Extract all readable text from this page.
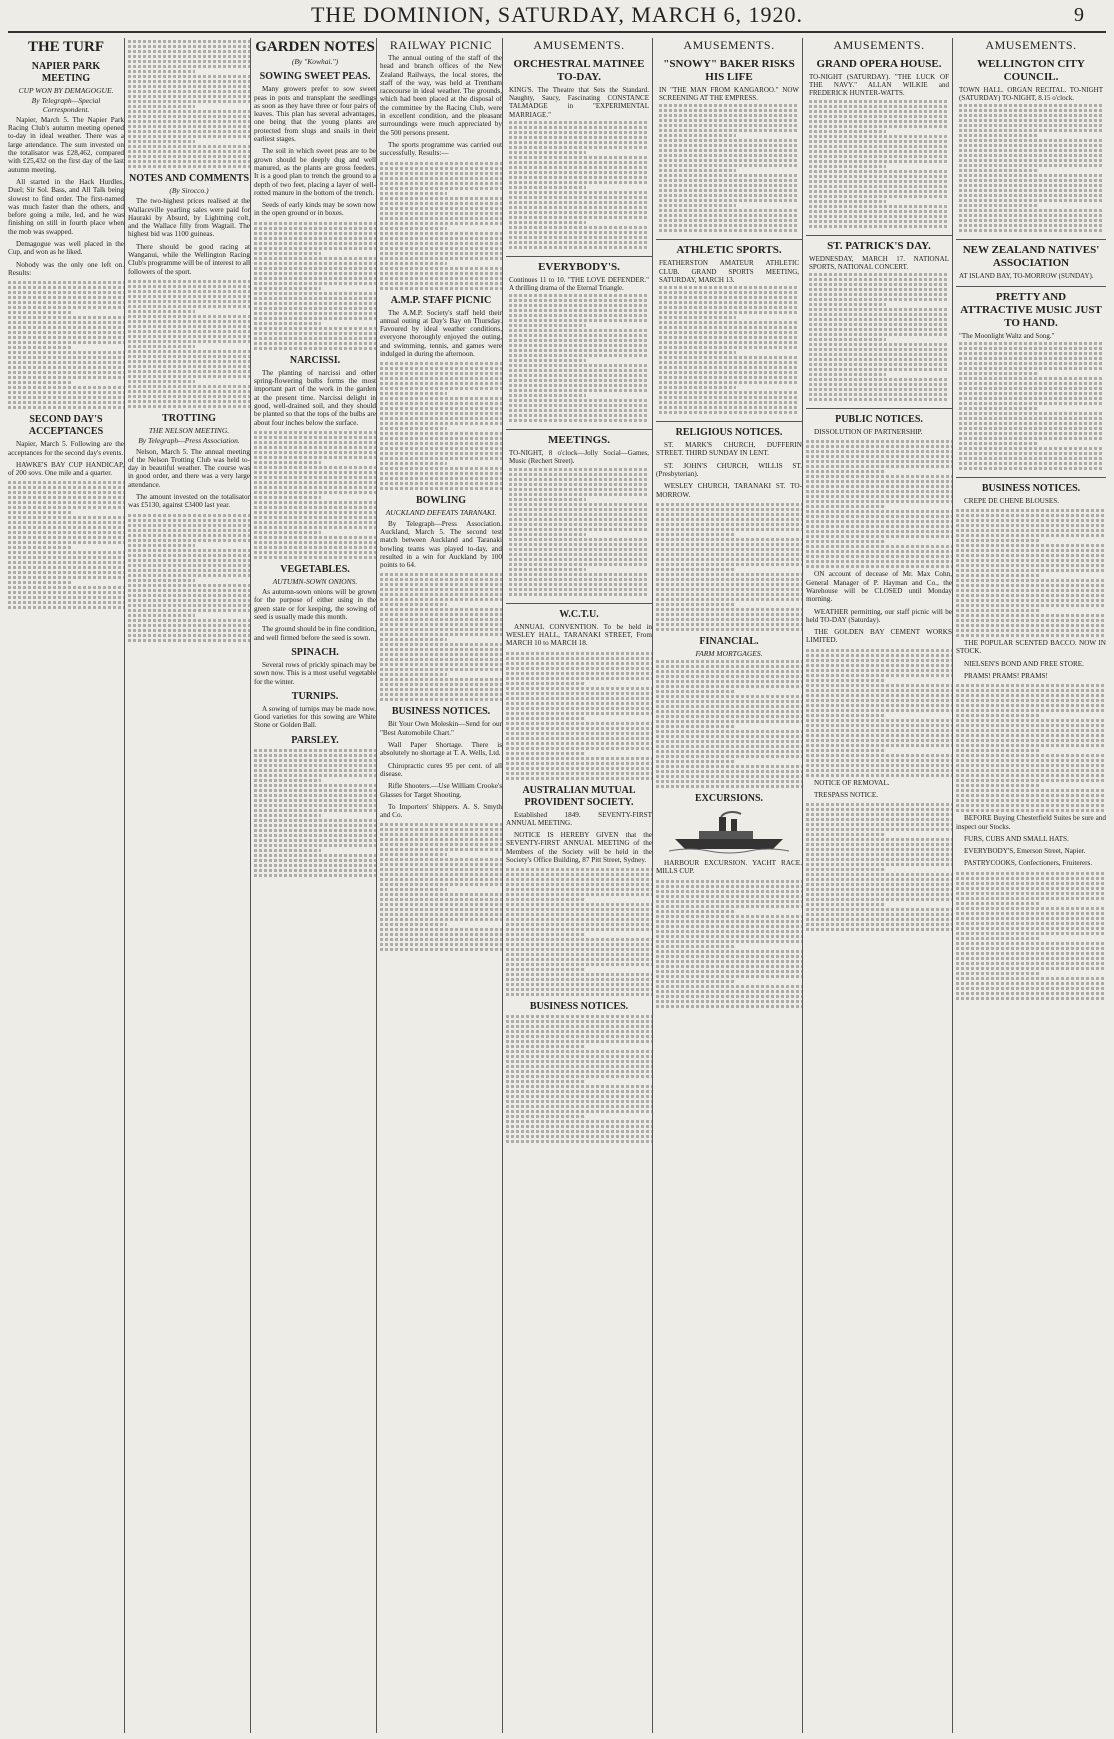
THE DOMINION, SATURDAY, MARCH 6, 1920.	9
THE TURF
NAPIER PARK MEETING
CUP WON BY DEMAGOGUE.
By Telegraph—Special Correspondent.

Napier, March 5. The Napier Park Racing Club's autumn meeting opened to-day in ideal weather. There was a large attendance. The sum invested on the totalisator was £28,462, compared with £25,432 on the first day of the last autumn meeting.

All started in the Hack Hurdles, Duel; Sir Sol. Bass, and All Talk being slowest to find order. The first-named was much faster than the others, and before going a mile, led, and he was finishing on still in fourth place when the mob was swapped.

Demagogue was well placed in the Cup, and won as he liked.

Nobody was the only one left on. Results:

SECOND DAY'S ACCEPTANCES

Napier, March 5. Following are the acceptances for the second day's events.

HAWKE'S BAY CUP HANDICAP, of 200 sovs. One mile and a quarter.

NOTES AND COMMENTS
(By Sirocco.)

The two-highest prices realised at the Wallaceville yearling sales were paid for Hauraki by Absurd, by Lightning colt, and the Wallace filly from Wagtail. The highest bid was 1100 guineas.

There should be good racing at Wanganui, while the Wellington Racing Club's programme will be of interest to all followers of the sport.

TROTTING
THE NELSON MEETING.
By Telegraph—Press Association.

Nelson, March 5. The annual meeting of the Nelson Trotting Club was held to-day in beautiful weather. The course was in good order, and there was a very large attendance.

The amount invested on the totalisator was £5130, against £3400 last year.

GARDEN NOTES
(By "Kowhai.")
SOWING SWEET PEAS.

Many growers prefer to sow sweet peas in pots and transplant the seedlings as soon as they have three or four pairs of leaves. This plan has several advantages, one being that the young plants are protected from slugs and snails in their earliest stages.

The soil in which sweet peas are to be grown should be deeply dug and well manured, as the plants are gross feeders. It is a good plan to trench the ground to a depth of two feet, placing a layer of well-rotted manure in the bottom of the trench.

Seeds of early kinds may be sown now in the open ground or in boxes.

NARCISSI.

The planting of narcissi and other spring-flowering bulbs forms the most important part of the work in the garden at the present time. Narcissi delight in good, well-drained soil, and they should be planted so that the tops of the bulbs are about four inches below the surface.

VEGETABLES.
AUTUMN-SOWN ONIONS.

As autumn-sown onions will be grown for the purpose of either using in the green state or for keeping, the sowing of seed is usually made this month.

The ground should be in fine condition, and well firmed before the seed is sown.

SPINACH.

Several rows of prickly spinach may be sown now. This is a most useful vegetable for the winter.

TURNIPS.

A sowing of turnips may be made now. Good varieties for this sowing are White Stone or Golden Ball.

PARSLEY.
RAILWAY PICNIC

The annual outing of the staff of the head and branch offices of the New Zealand Railways, the local stores, the staff of the way, was held at Trentham racecourse in ideal weather. The grounds, which had been placed at the disposal of the committee by the Racing Club, were in excellent condition, and the pleasant surroundings were much appreciated by the 500 persons present.

The sports programme was carried out successfully. Results:—

A.M.P. STAFF PICNIC

The A.M.P. Society's staff held their annual outing at Day's Bay on Thursday. Favoured by ideal weather conditions, everyone thoroughly enjoyed the outing, and swimming, tennis, and games were indulged in during the afternoon.

BOWLING
AUCKLAND DEFEATS TARANAKI.

By Telegraph—Press Association. Auckland, March 5. The second test match between Auckland and Taranaki bowling teams was played to-day, and resulted in a win for Auckland by 100 points to 64.

BUSINESS NOTICES.

Bit Your Own Moleskin—Send for our "Best Automobile Chart."

Wall Paper Shortage. There is absolutely no shortage at T. A. Wells, Ltd.

Chiropractic cures 95 per cent. of all disease.

Rifle Shooters.—Use William Crooke's Glasses for Target Shooting.

To Importers' Shippers. A. S. Smyth and Co.

AMUSEMENTS.
ORCHESTRAL MATINEE TO-DAY.
KING'S. The Theatre that Sets the Standard. Naughty, Saucy, Fascinating CONSTANCE TALMADGE in "EXPERIMENTAL MARRIAGE."
EVERYBODY'S.
Continues 11 to 10. "THE LOVE DEFENDER." A thrilling drama of the Eternal Triangle.
MEETINGS.
TO-NIGHT, 8 o'clock—Jolly Social—Games, Music (Rechert Street).
W.C.T.U.

ANNUAL CONVENTION. To be held in WESLEY HALL, TARANAKI STREET, From MARCH 10 to MARCH 18.

AUSTRALIAN MUTUAL PROVIDENT SOCIETY.

Established 1849. SEVENTY-FIRST ANNUAL MEETING.

NOTICE IS HEREBY GIVEN that the SEVENTY-FIRST ANNUAL MEETING of the Members of the Society will be held in the Society's Office Building, 87 Pitt Street, Sydney.

BUSINESS NOTICES.
AMUSEMENTS.
"SNOWY" BAKER RISKS HIS LIFE
IN "THE MAN FROM KANGAROO." NOW SCREENING AT THE EMPRESS.
ATHLETIC SPORTS.
FEATHERSTON AMATEUR ATHLETIC CLUB. GRAND SPORTS MEETING, SATURDAY, MARCH 13.
RELIGIOUS NOTICES.

ST. MARK'S CHURCH, DUFFERIN STREET. THIRD SUNDAY IN LENT.

ST. JOHN'S CHURCH, WILLIS ST. (Presbyterian).

WESLEY CHURCH, TARANAKI ST. TO-MORROW.

FINANCIAL.
FARM MORTGAGES.
EXCURSIONS.

HARBOUR EXCURSION. YACHT RACE. MILLS CUP.

AMUSEMENTS.
GRAND OPERA HOUSE.
TO-NIGHT (SATURDAY). "THE LUCK OF THE NAVY." ALLAN WILKIE and FREDERICK HUNTER-WATTS.
ST. PATRICK'S DAY.
WEDNESDAY, MARCH 17. NATIONAL SPORTS, NATIONAL CONCERT.
PUBLIC NOTICES.

DISSOLUTION OF PARTNERSHIP.

ON account of decease of Mr. Max Cohn, General Manager of P. Hayman and Co., the Warehouse will be CLOSED until Monday morning.

WEATHER permitting, our staff picnic will be held TO-DAY (Saturday).

THE GOLDEN BAY CEMENT WORKS LIMITED.

NOTICE OF REMOVAL.

TRESPASS NOTICE.

AMUSEMENTS.
WELLINGTON CITY COUNCIL.
TOWN HALL. ORGAN RECITAL. TO-NIGHT (SATURDAY) TO-NIGHT, 8.15 o'clock.
NEW ZEALAND NATIVES' ASSOCIATION
AT ISLAND BAY, TO-MORROW (SUNDAY).
PRETTY AND ATTRACTIVE MUSIC JUST TO HAND.
"The Moonlight Waltz and Song."
BUSINESS NOTICES.

CREPE DE CHENE BLOUSES.

THE POPULAR SCENTED BACCO. NOW IN STOCK.

NIELSEN'S BOND AND FREE STORE.

PRAMS! PRAMS! PRAMS!

BEFORE Buying Chesterfield Suites be sure and inspect our Stocks.

FURS, CUBS AND SMALL HATS.

EVERYBODY'S, Emerson Street, Napier.

PASTRYCOOKS, Confectioners, Fruiterers.
